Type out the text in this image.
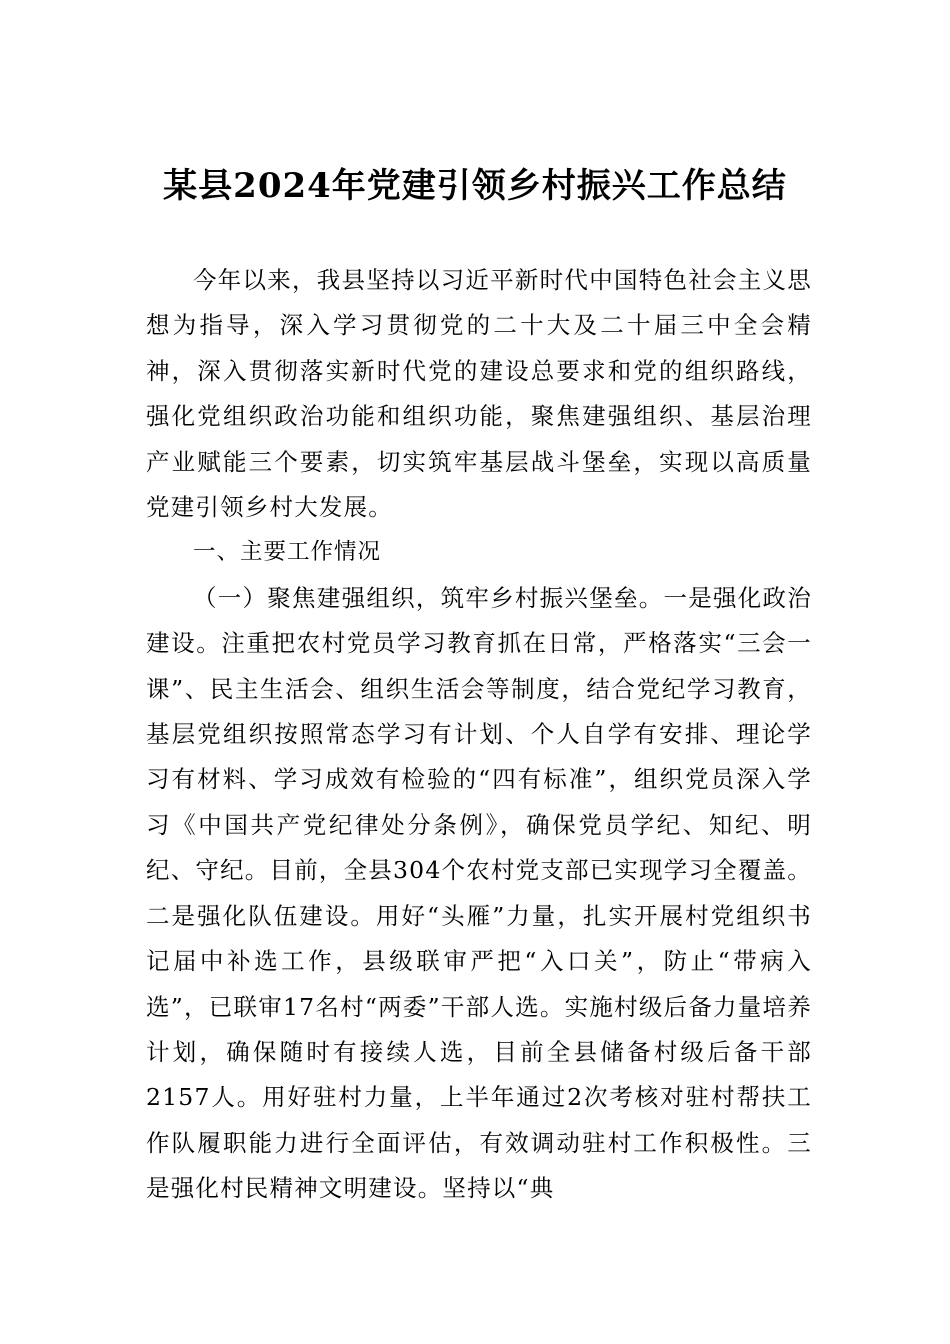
某县2024年党建引领乡村振兴工作总结

今年以来，我县坚持以习近平新时代中国特色社会主义思想为指导，深入学习贯彻党的二十大及二十届三中全会精神，深入贯彻落实新时代党的建设总要求和党的组织路线，强化党组织政治功能和组织功能，聚焦建强组织、基层治理产业赋能三个要素，切实筑牢基层战斗堡垒，实现以高质量党建引领乡村大发展。

一、主要工作情况

（一）聚焦建强组织，筑牢乡村振兴堡垒。一是强化政治建设。注重把农村党员学习教育抓在日常，严格落实“三会一课”、民主生活会、组织生活会等制度，结合党纪学习教育，基层党组织按照常态学习有计划、个人自学有安排、理论学习有材料、学习成效有检验的“四有标准”，组织党员深入学习《中国共产党纪律处分条例》，确保党员学纪、知纪、明纪、守纪。目前，全县304个农村党支部已实现学习全覆盖。二是强化队伍建设。用好“头雁”力量，扎实开展村党组织书记届中补选工作，县级联审严把“入口关”，防止“带病入选”，已联审17名村“两委”干部人选。实施村级后备力量培养计划，确保随时有接续人选，目前全县储备村级后备干部2157人。用好驻村力量，上半年通过2次考核对驻村帮扶工作队履职能力进行全面评估，有效调动驻村工作积极性。三是强化村民精神文明建设。坚持以“典
